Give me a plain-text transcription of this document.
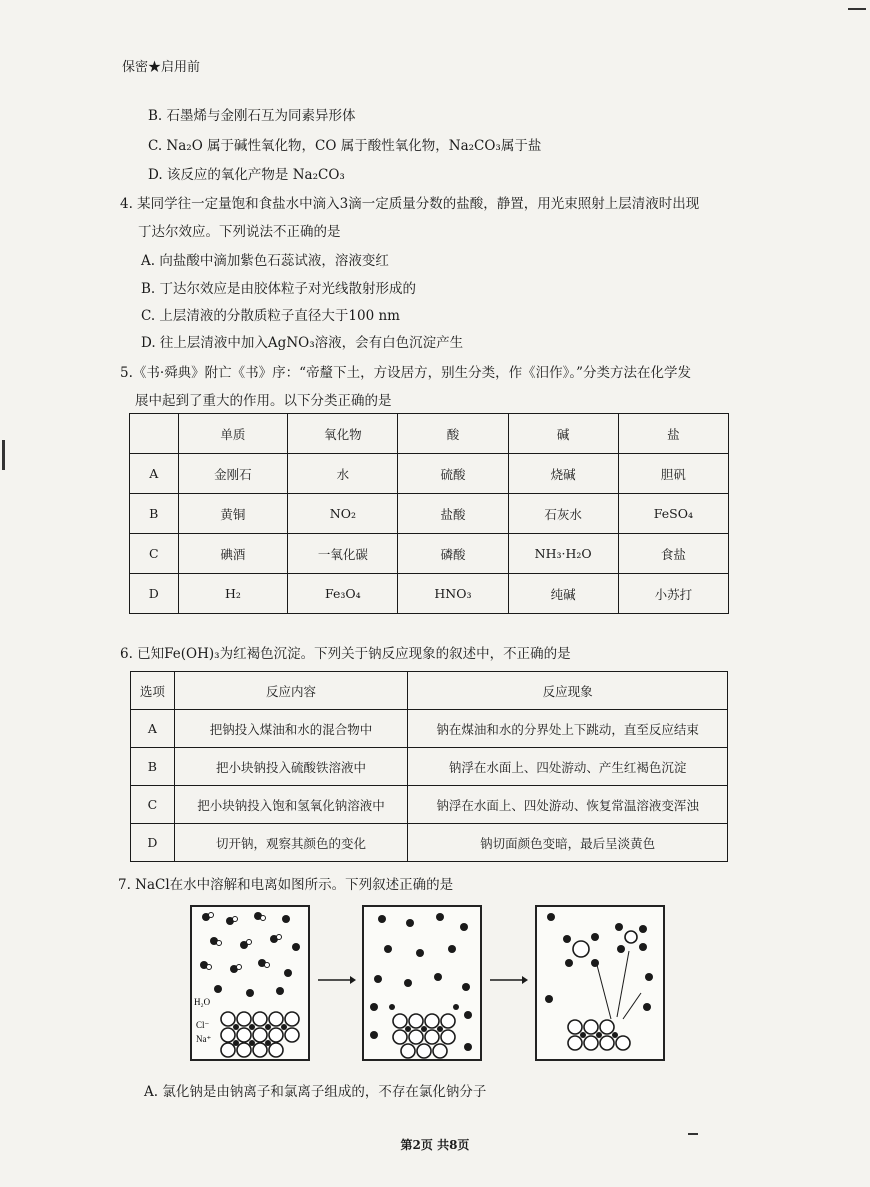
保密★启用前
B. 石墨烯与金刚石互为同素异形体
C. Na₂O 属于碱性氧化物，CO 属于酸性氧化物，Na₂CO₃属于盐
D. 该反应的氧化产物是 Na₂CO₃
4. 某同学往一定量饱和食盐水中滴入3滴一定质量分数的盐酸，静置，用光束照射上层清液时出现
丁达尔效应。下列说法不正确的是
A. 向盐酸中滴加紫色石蕊试液，溶液变红
B. 丁达尔效应是由胶体粒子对光线散射形成的
C. 上层清液的分散质粒子直径大于100 nm
D. 往上层清液中加入AgNO₃溶液，会有白色沉淀产生
5.《书·舜典》附亡《书》序：“帝釐下土，方设居方，别生分类，作《汨作》。”分类方法在化学发
展中起到了重大的作用。以下分类正确的是
	单质	氧化物	酸	碱	盐
A	金刚石	水	硫酸	烧碱	胆矾
B	黄铜	NO₂	盐酸	石灰水	FeSO₄
C	碘酒	一氧化碳	磷酸	NH₃·H₂O	食盐
D	H₂	Fe₃O₄	HNO₃	纯碱	小苏打
6. 已知Fe(OH)₃为红褐色沉淀。下列关于钠反应现象的叙述中，不正确的是
选项	反应内容	反应现象
A	把钠投入煤油和水的混合物中	钠在煤油和水的分界处上下跳动，直至反应结束
B	把小块钠投入硫酸铁溶液中	钠浮在水面上、四处游动、产生红褐色沉淀
C	把小块钠投入饱和氢氧化钠溶液中	钠浮在水面上、四处游动、恢复常温溶液变浑浊
D	切开钠，观察其颜色的变化	钠切面颜色变暗，最后呈淡黄色
7. NaCl在水中溶解和电离如图所示。下列叙述正确的是
H₂O
Cl⁻
Na⁺
A. 氯化钠是由钠离子和氯离子组成的，不存在氯化钠分子
第2页 共8页
